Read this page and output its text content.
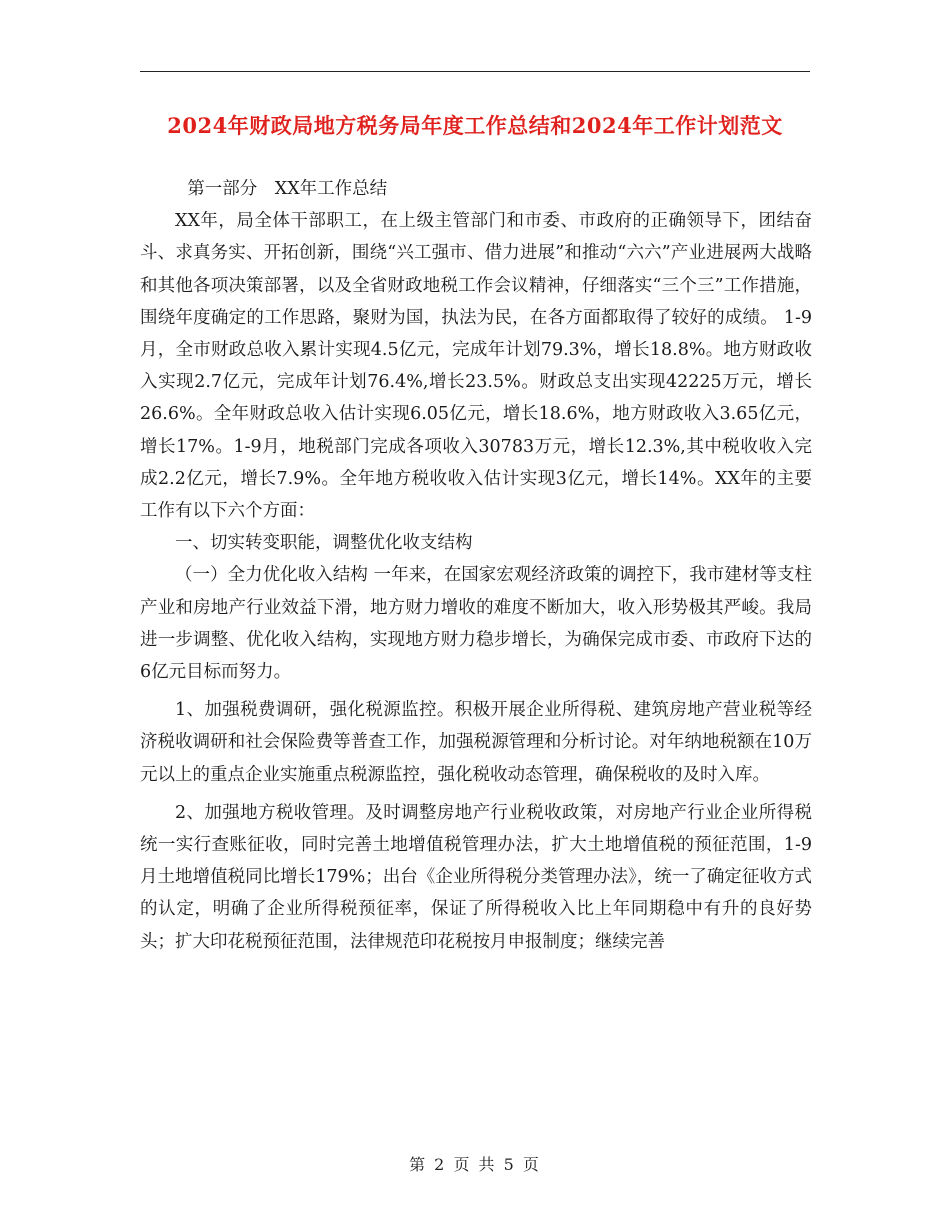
2024年财政局地方税务局年度工作总结和2024年工作计划范文

第一部分　XX年工作总结

XX年，局全体干部职工，在上级主管部门和市委、市政府的正确领导下，团结奋斗、求真务实、开拓创新，围绕“兴工强市、借力进展”和推动“六六”产业进展两大战略和其他各项决策部署，以及全省财政地税工作会议精神，仔细落实“三个三”工作措施，围绕年度确定的工作思路，聚财为国，执法为民，在各方面都取得了较好的成绩。 1-9月，全市财政总收入累计实现4.5亿元，完成年计划79.3%，增长18.8%。地方财政收入实现2.7亿元，完成年计划76.4%,增长23.5%。财政总支出实现42225万元，增长26.6%。全年财政总收入估计实现6.05亿元，增长18.6%，地方财政收入3.65亿元，增长17%。1-9月，地税部门完成各项收入30783万元，增长12.3%,其中税收收入完成2.2亿元，增长7.9%。全年地方税收收入估计实现3亿元，增长14%。XX年的主要工作有以下六个方面：

一、切实转变职能，调整优化收支结构

（一）全力优化收入结构 一年来，在国家宏观经济政策的调控下，我市建材等支柱产业和房地产行业效益下滑，地方财力增收的难度不断加大，收入形势极其严峻。我局进一步调整、优化收入结构，实现地方财力稳步增长，为确保完成市委、市政府下达的6亿元目标而努力。

1、加强税费调研，强化税源监控。积极开展企业所得税、建筑房地产营业税等经济税收调研和社会保险费等普查工作，加强税源管理和分析讨论。对年纳地税额在10万元以上的重点企业实施重点税源监控，强化税收动态管理，确保税收的及时入库。

2、加强地方税收管理。及时调整房地产行业税收政策，对房地产行业企业所得税统一实行查账征收，同时完善土地增值税管理办法，扩大土地增值税的预征范围，1-9月土地增值税同比增长179%；出台《企业所得税分类管理办法》，统一了确定征收方式的认定，明确了企业所得税预征率，保证了所得税收入比上年同期稳中有升的良好势头；扩大印花税预征范围，法律规范印花税按月申报制度；继续完善

第 2 页 共 5 页
